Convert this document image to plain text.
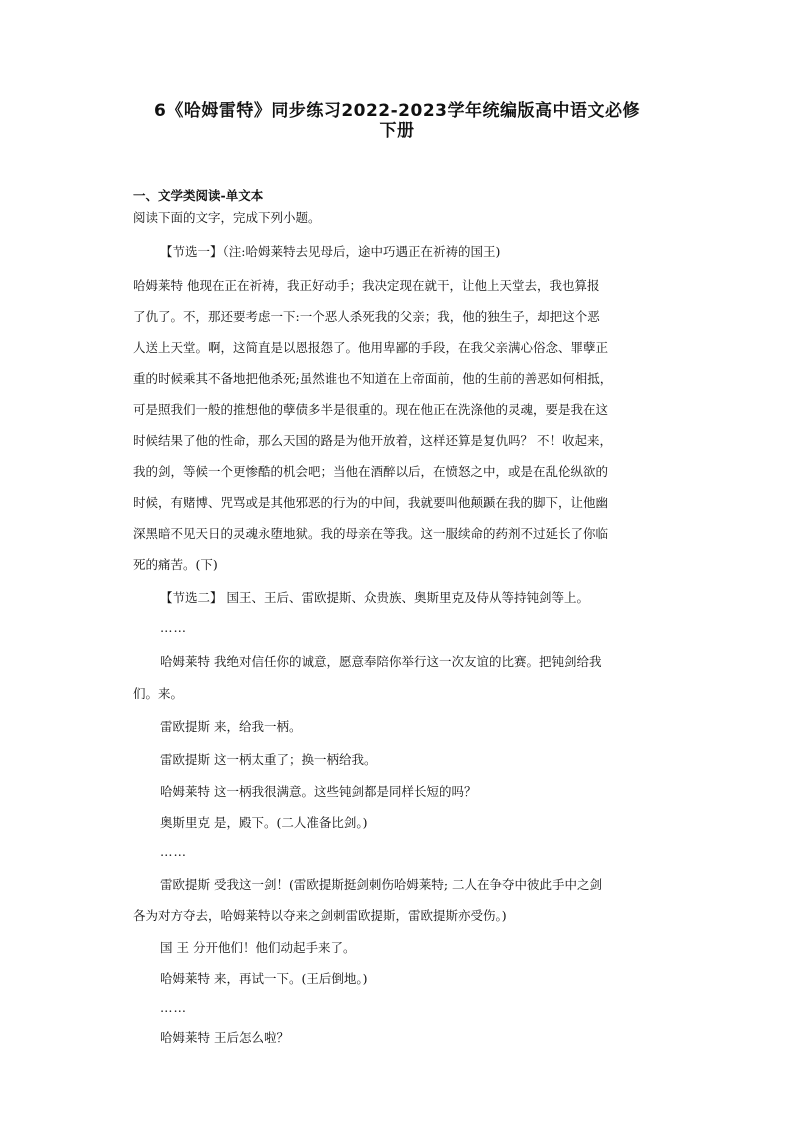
6《哈姆雷特》同步练习2022-2023学年统编版高中语文必修
下册
一、文学类阅读-单文本
阅读下面的文字，完成下列小题。
【节选一】（注:哈姆莱特去见母后，途中巧遇正在祈祷的国王)
哈姆莱特 他现在正在祈祷，我正好动手；我决定现在就干，让他上天堂去，我也算报
了仇了。不，那还要考虑一下:一个恶人杀死我的父亲；我，他的独生子，却把这个恶
人送上天堂。啊，这简直是以恩报怨了。他用卑鄙的手段，在我父亲满心俗念、罪孽正
重的时候乘其不备地把他杀死;虽然谁也不知道在上帝面前，他的生前的善恶如何相抵，
可是照我们一般的推想他的孽债多半是很重的。现在他正在洗涤他的灵魂，要是我在这
时候结果了他的性命，那么天国的路是为他开放着，这样还算是复仇吗？ 不！收起来，
我的剑，等候一个更惨酷的机会吧；当他在酒醉以后，在愤怒之中，或是在乱伦纵欲的
时候，有赌博、咒骂或是其他邪恶的行为的中间，我就要叫他颠踬在我的脚下，让他幽
深黑暗不见天日的灵魂永堕地狱。我的母亲在等我。这一服续命的药剂不过延长了你临
死的痛苦。(下)
【节选二】 国王、王后、雷欧提斯、众贵族、奥斯里克及侍从等持钝剑等上。
……
哈姆莱特 我绝对信任你的诚意，愿意奉陪你举行这一次友谊的比赛。把钝剑给我
们。来。
雷欧提斯 来，给我一柄。
雷欧提斯 这一柄太重了；换一柄给我。
哈姆莱特 这一柄我很满意。这些钝剑都是同样长短的吗？
奥斯里克 是，殿下。(二人准备比剑。)
……
雷欧提斯 受我这一剑！(雷欧提斯挺剑刺伤哈姆莱特; 二人在争夺中彼此手中之剑
各为对方夺去，哈姆莱特以夺来之剑刺雷欧提斯，雷欧提斯亦受伤。)
国 王 分开他们！他们动起手来了。
哈姆莱特 来，再试一下。(王后倒地。)
……
哈姆莱特 王后怎么啦？
